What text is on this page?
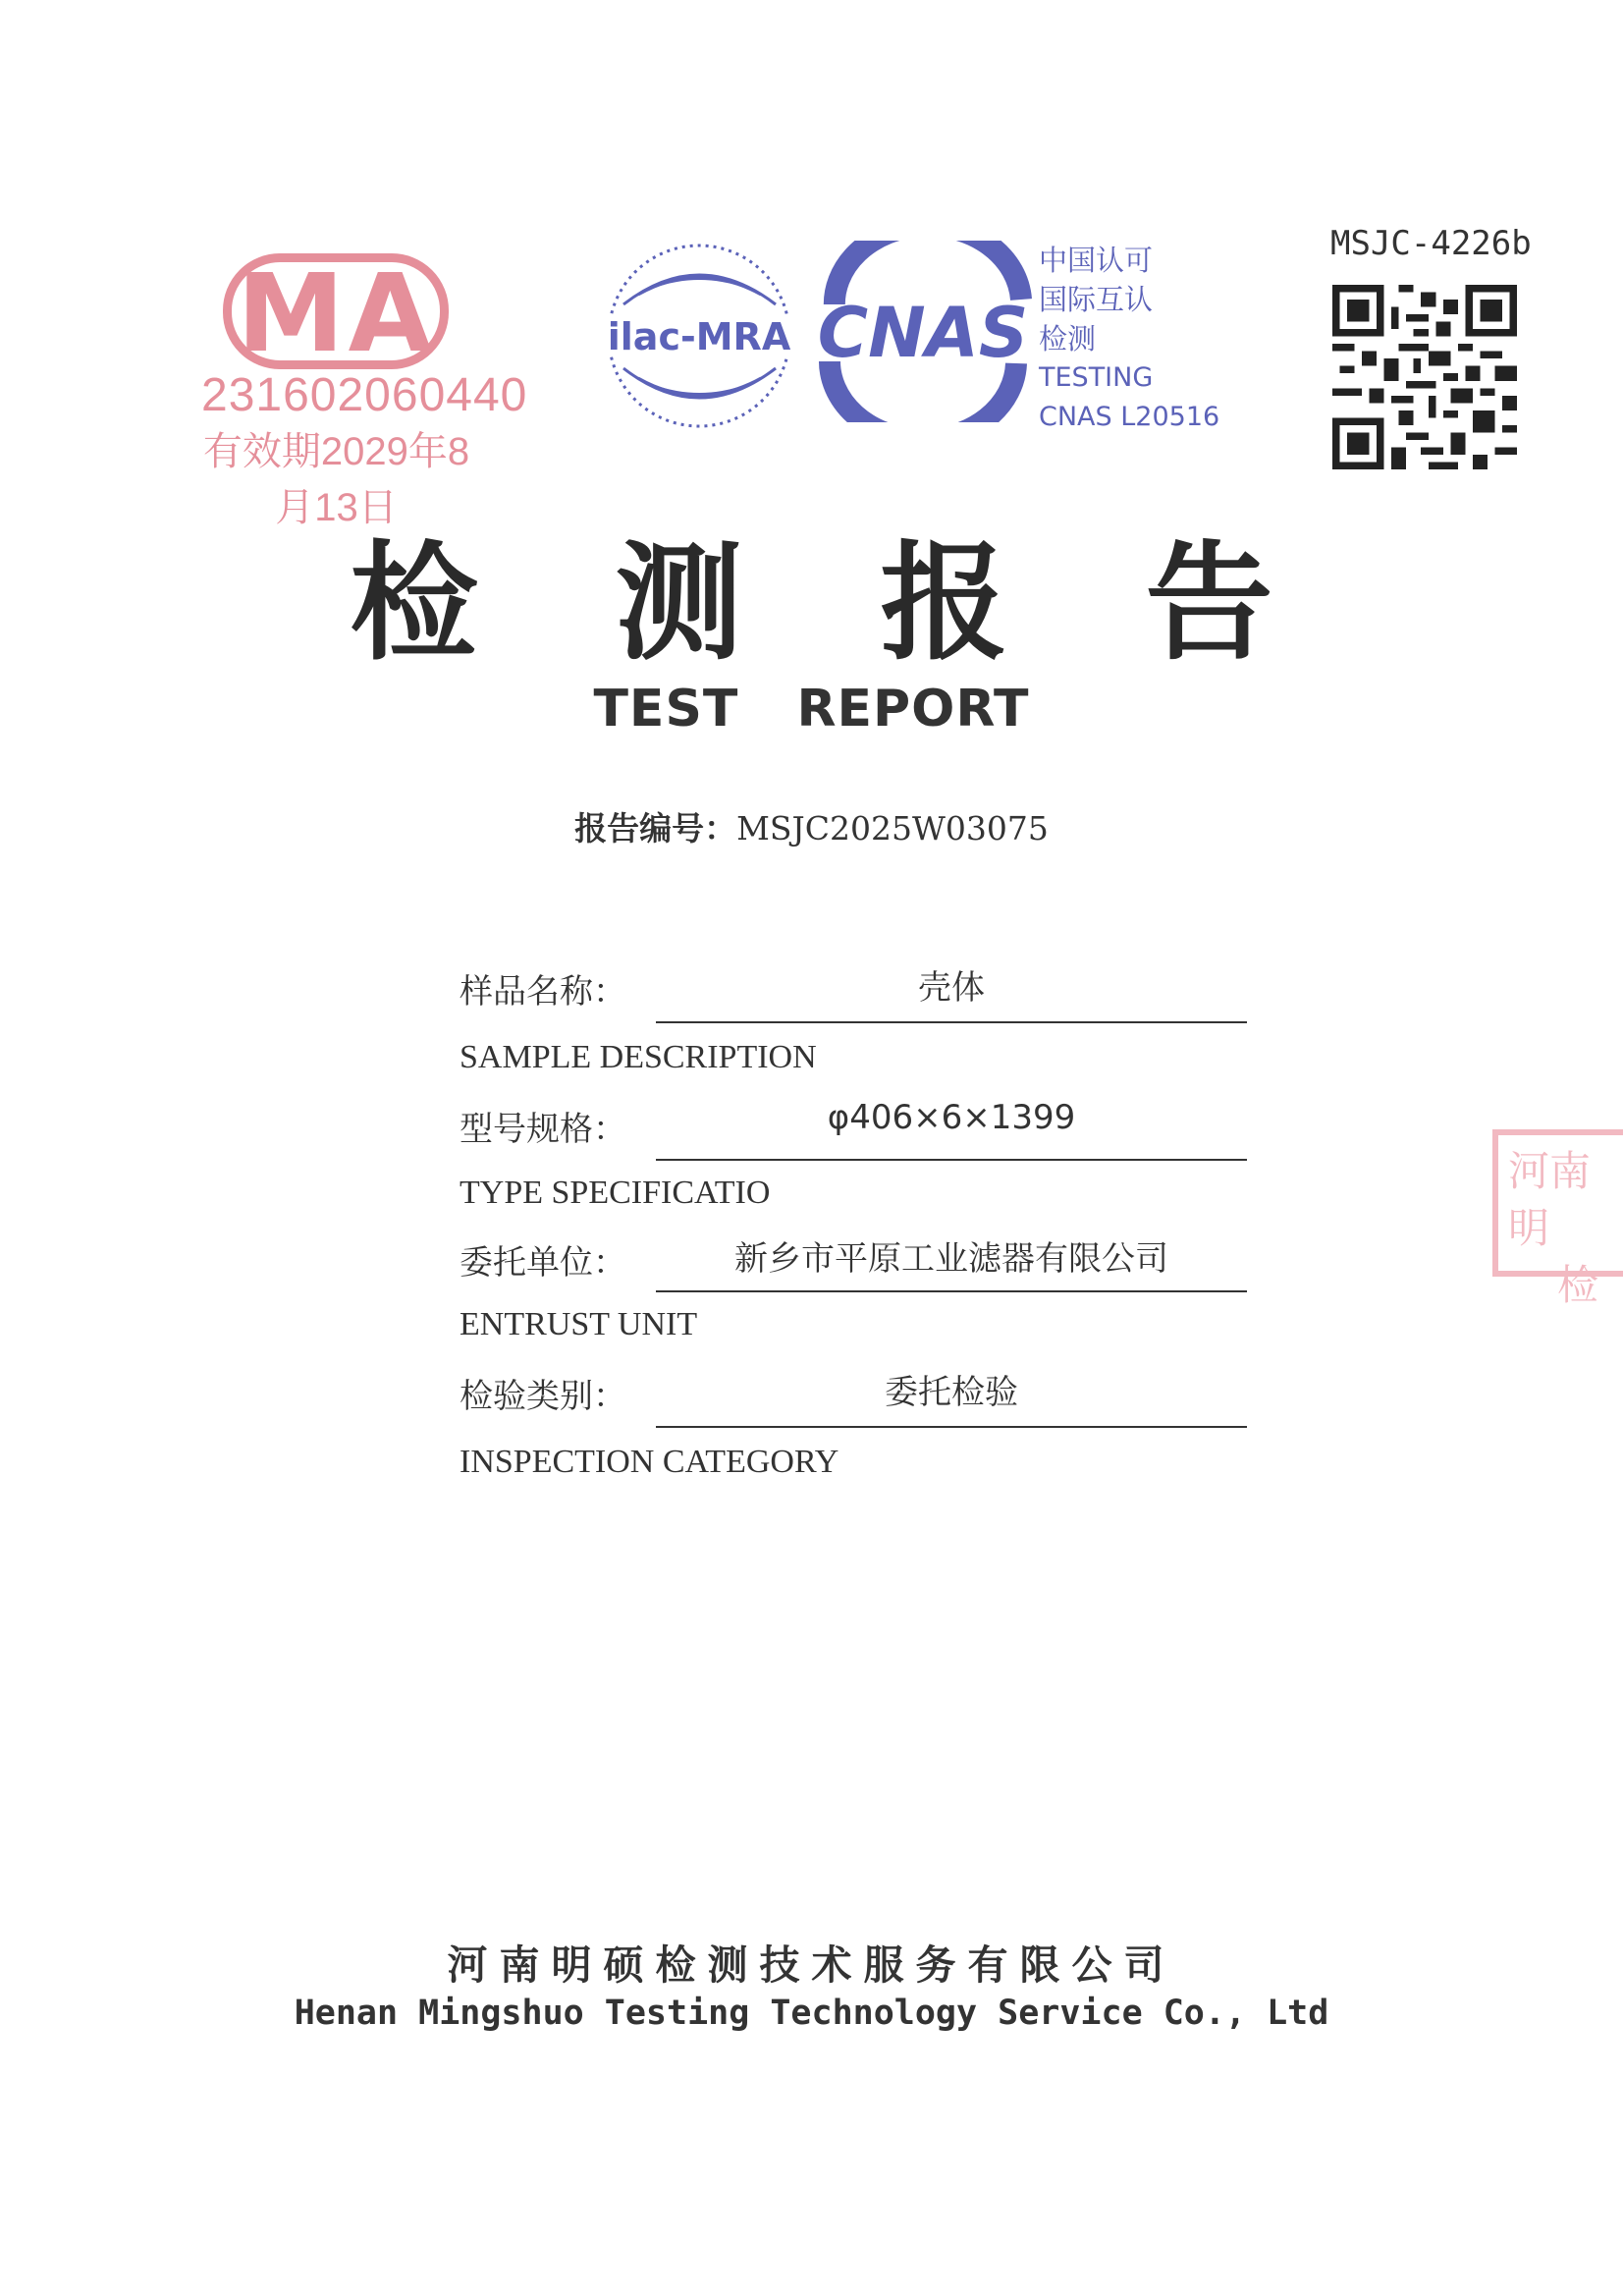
MA
231602060440
有效期2029年8月13日
ilac-MRA CNAS
中国认可
国际互认
检测
TESTING
CNAS L20516
MSJC-4226b
检 测 报 告
TEST REPORT
报告编号：MSJC2025W03075
样品名称：	壳体
SAMPLE DESCRIPTION
型号规格：	φ406×6×1399
TYPE SPECIFICATIO
委托单位：	新乡市平原工业滤器有限公司
ENTRUST UNIT
检验类别：	委托检验
INSPECTION CATEGORY
河南明
检
河南明硕检测技术服务有限公司
Henan Mingshuo Testing Technology Service Co., Ltd
